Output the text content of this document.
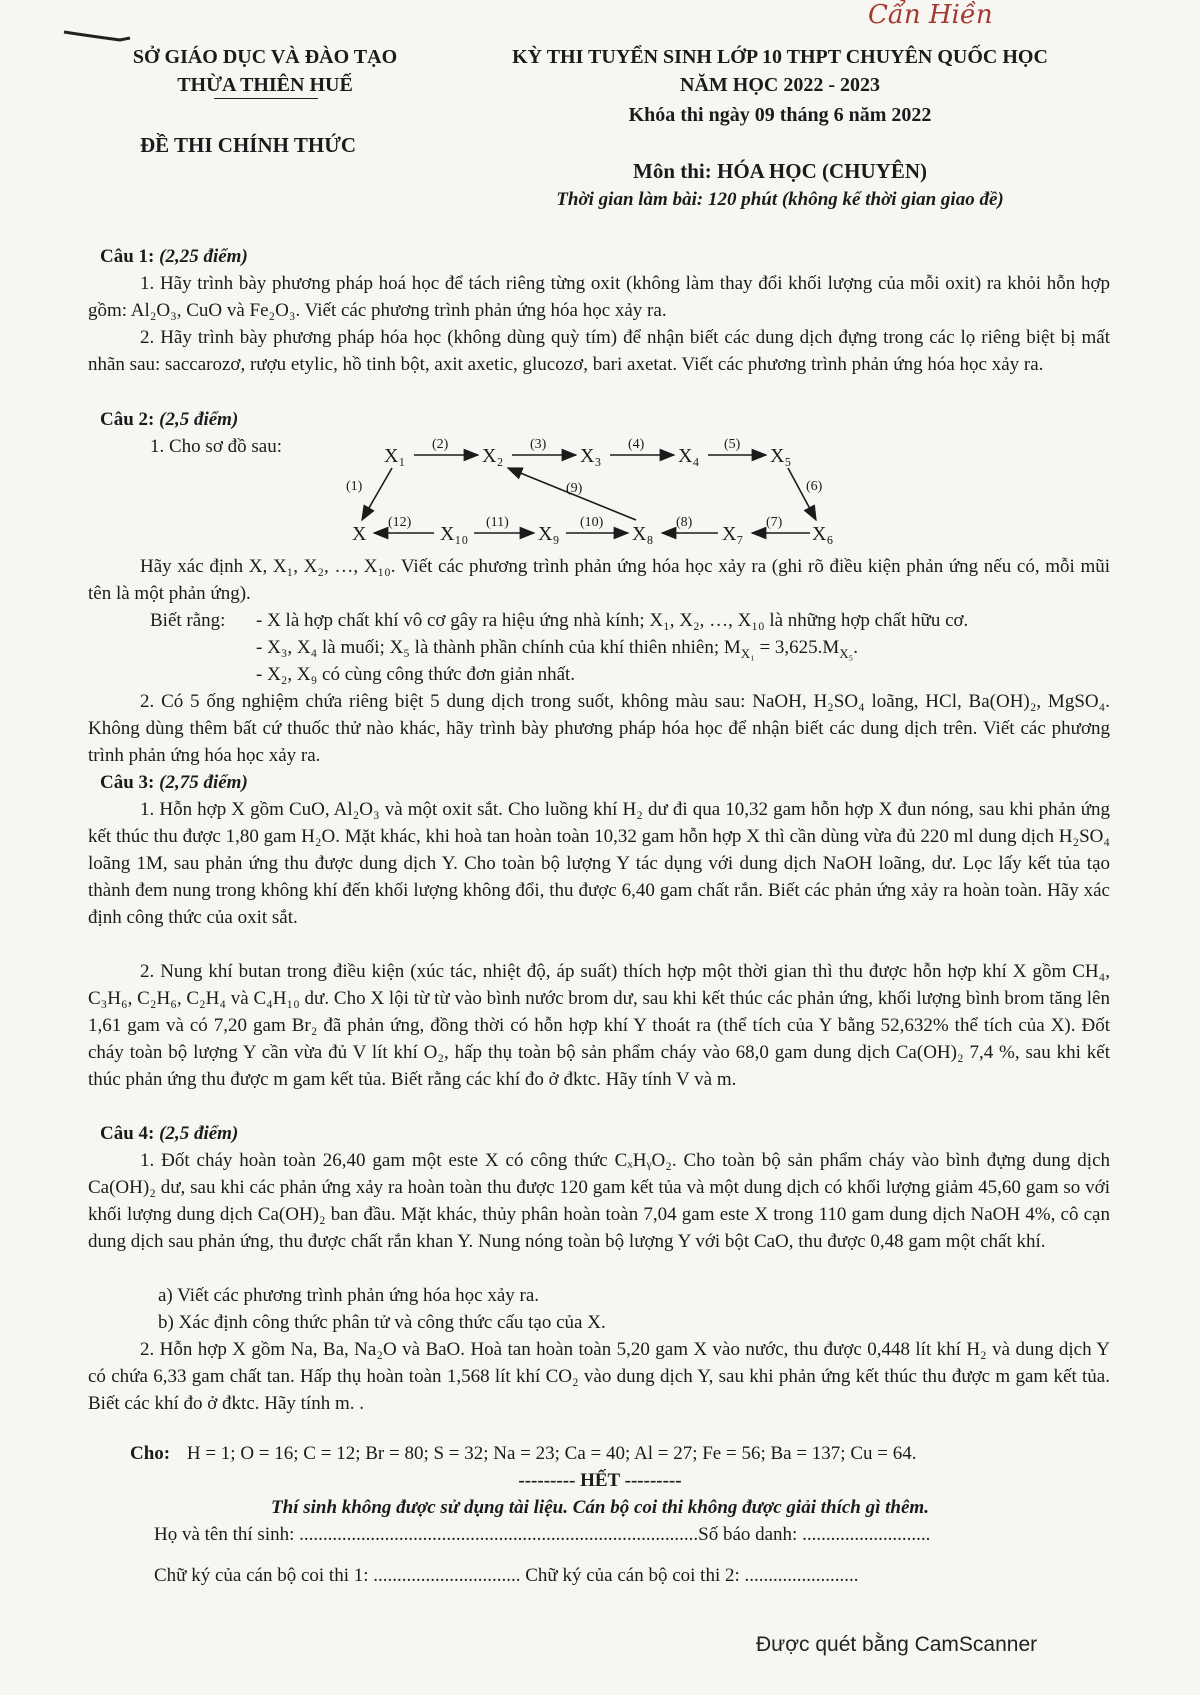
Cẩn Hiền
SỞ GIÁO DỤC VÀ ĐÀO TẠO
THỪA THIÊN HUẾ
ĐỀ THI CHÍNH THỨC
KỲ THI TUYỂN SINH LỚP 10 THPT CHUYÊN QUỐC HỌC
NĂM HỌC 2022 - 2023
Khóa thi ngày 09 tháng 6 năm 2022
Môn thi: HÓA HỌC (CHUYÊN)
Thời gian làm bài: 120 phút (không kể thời gian giao đề)
Câu 1: (2,25 điểm)
1. Hãy trình bày phương pháp hoá học để tách riêng từng oxit (không làm thay đổi khối lượng của mỗi oxit) ra khỏi hỗn hợp gồm: Al₂O₃, CuO và Fe₂O₃. Viết các phương trình phản ứng hóa học xảy ra.
2. Hãy trình bày phương pháp hóa học (không dùng quỳ tím) để nhận biết các dung dịch đựng trong các lọ riêng biệt bị mất nhãn sau: saccarozơ, rượu etylic, hồ tinh bột, axit axetic, glucozơ, bari axetat. Viết các phương trình phản ứng hóa học xảy ra.
Câu 2: (2,5 điểm)
1. Cho sơ đồ sau:	X₁	X₂	X₃	X₄	X₅
X	X₁₀	X₉	X₈	X₇	X₆
(2)	(3)	(4)	(5)
(1)	(6)
(9)
(7)
(8)
(10)
(11)
(12)
Hãy xác định X, X₁, X₂, …, X₁₀. Viết các phương trình phản ứng hóa học xảy ra (ghi rõ điều kiện phản ứng nếu có, mỗi mũi tên là một phản ứng).
Biết rằng: - X là hợp chất khí vô cơ gây ra hiệu ứng nhà kính; X₁, X₂, …, X₁₀ là những hợp chất hữu cơ.
- X₃, X₄ là muối; X₅ là thành phần chính của khí thiên nhiên; $M_{X_1} = 3,625.M_{X_5}$.
- X₂, X₉ có cùng công thức đơn giản nhất.
2. Có 5 ống nghiệm chứa riêng biệt 5 dung dịch trong suốt, không màu sau: NaOH, H₂SO₄ loãng, HCl, Ba(OH)₂, MgSO₄. Không dùng thêm bất cứ thuốc thử nào khác, hãy trình bày phương pháp hóa học để nhận biết các dung dịch trên. Viết các phương trình phản ứng hóa học xảy ra.
Câu 3: (2,75 điểm)
1. Hỗn hợp X gồm CuO, Al₂O₃ và một oxit sắt. Cho luồng khí H₂ dư đi qua 10,32 gam hỗn hợp X đun nóng, sau khi phản ứng kết thúc thu được 1,80 gam H₂O. Mặt khác, khi hoà tan hoàn toàn 10,32 gam hỗn hợp X thì cần dùng vừa đủ 220 ml dung dịch H₂SO₄ loãng 1M, sau phản ứng thu được dung dịch Y. Cho toàn bộ lượng Y tác dụng với dung dịch NaOH loãng, dư. Lọc lấy kết tủa tạo thành đem nung trong không khí đến khối lượng không đổi, thu được 6,40 gam chất rắn. Biết các phản ứng xảy ra hoàn toàn. Hãy xác định công thức của oxit sắt.
2. Nung khí butan trong điều kiện (xúc tác, nhiệt độ, áp suất) thích hợp một thời gian thì thu được hỗn hợp khí X gồm CH₄, C₃H₆, C₂H₆, C₂H₄ và C₄H₁₀ dư. Cho X lội từ từ vào bình nước brom dư, sau khi kết thúc các phản ứng, khối lượng bình brom tăng lên 1,61 gam và có 7,20 gam Br₂ đã phản ứng, đồng thời có hỗn hợp khí Y thoát ra (thể tích của Y bằng 52,632% thể tích của X). Đốt cháy toàn bộ lượng Y cần vừa đủ V lít khí O₂, hấp thụ toàn bộ sản phẩm cháy vào 68,0 gam dung dịch Ca(OH)₂ 7,4 %, sau khi kết thúc phản ứng thu được m gam kết tủa. Biết rằng các khí đo ở đktc. Hãy tính V và m.
Câu 4: (2,5 điểm)
1. Đốt cháy hoàn toàn 26,40 gam một este X có công thức CₓHᵧO₂. Cho toàn bộ sản phẩm cháy vào bình đựng dung dịch Ca(OH)₂ dư, sau khi các phản ứng xảy ra hoàn toàn thu được 120 gam kết tủa và một dung dịch có khối lượng giảm 45,60 gam so với khối lượng dung dịch Ca(OH)₂ ban đầu. Mặt khác, thủy phân hoàn toàn 7,04 gam este X trong 110 gam dung dịch NaOH 4%, cô cạn dung dịch sau phản ứng, thu được chất rắn khan Y. Nung nóng toàn bộ lượng Y với bột CaO, thu được 0,48 gam một chất khí.
a) Viết các phương trình phản ứng hóa học xảy ra.
b) Xác định công thức phân tử và công thức cấu tạo của X.
2. Hỗn hợp X gồm Na, Ba, Na₂O và BaO. Hoà tan hoàn toàn 5,20 gam X vào nước, thu được 0,448 lít khí H₂ và dung dịch Y có chứa 6,33 gam chất tan. Hấp thụ hoàn toàn 1,568 lít khí CO₂ vào dung dịch Y, sau khi phản ứng kết thúc thu được m gam kết tủa. Biết các khí đo ở đktc. Hãy tính m. .
Cho: H = 1; O = 16; C = 12; Br = 80; S = 32; Na = 23; Ca = 40; Al = 27; Fe = 56; Ba = 137; Cu = 64.
--------- HẾT ---------
Thí sinh không được sử dụng tài liệu. Cán bộ coi thi không được giải thích gì thêm.
Họ và tên thí sinh: ....................................................................................Số báo danh: ...........................
Chữ ký của cán bộ coi thi 1: ............................... Chữ ký của cán bộ coi thi 2: ........................
Được quét bằng CamScanner
